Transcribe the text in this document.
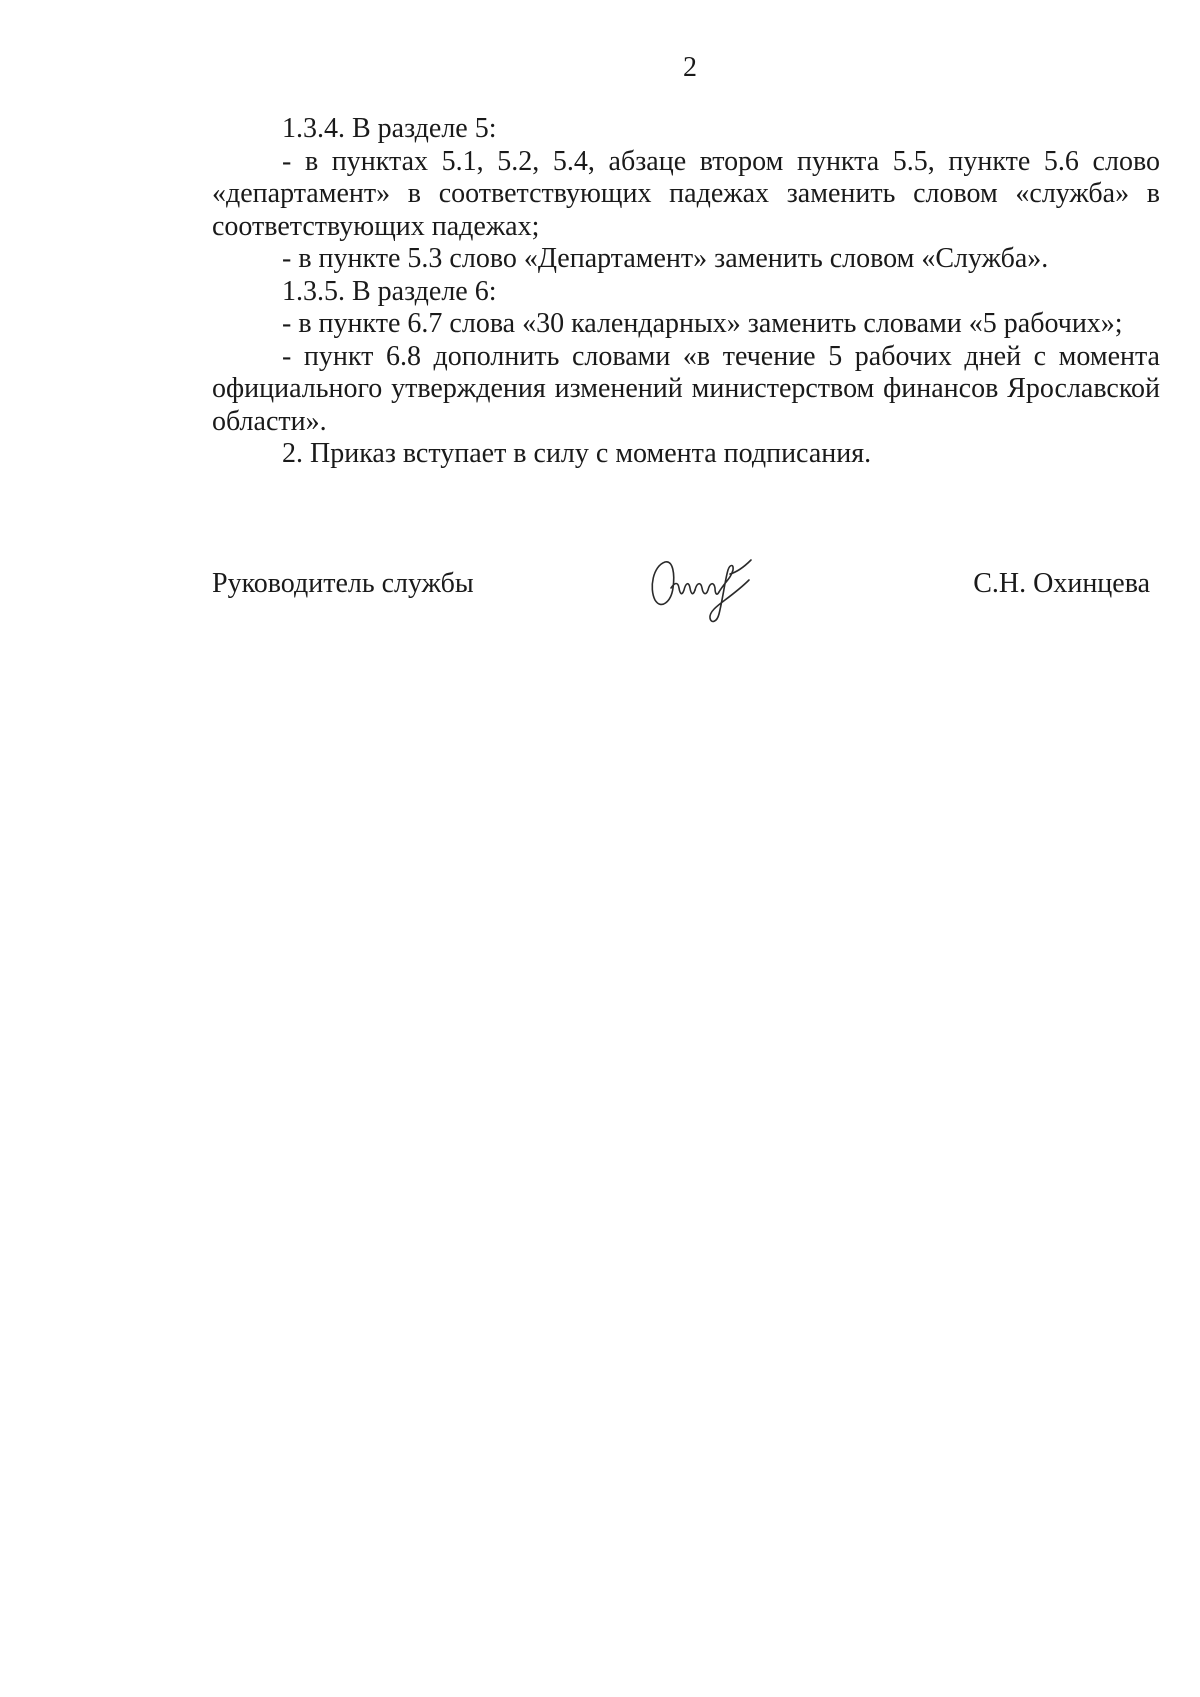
2

1.3.4. В разделе 5:

- в пунктах 5.1, 5.2, 5.4, абзаце втором пункта 5.5, пункте 5.6 слово «департамент» в соответствующих падежах заменить словом «служба» в соответствующих падежах;

- в пункте 5.3 слово «Департамент» заменить словом «Служба».

1.3.5. В разделе 6:

- в пункте 6.7 слова «30 календарных» заменить словами «5 рабочих»;

- пункт 6.8 дополнить словами «в течение 5 рабочих дней с момента официального утверждения изменений министерством финансов Ярославской области».

2. Приказ вступает в силу с момента подписания.

Руководитель службы	С.Н. Охинцева
